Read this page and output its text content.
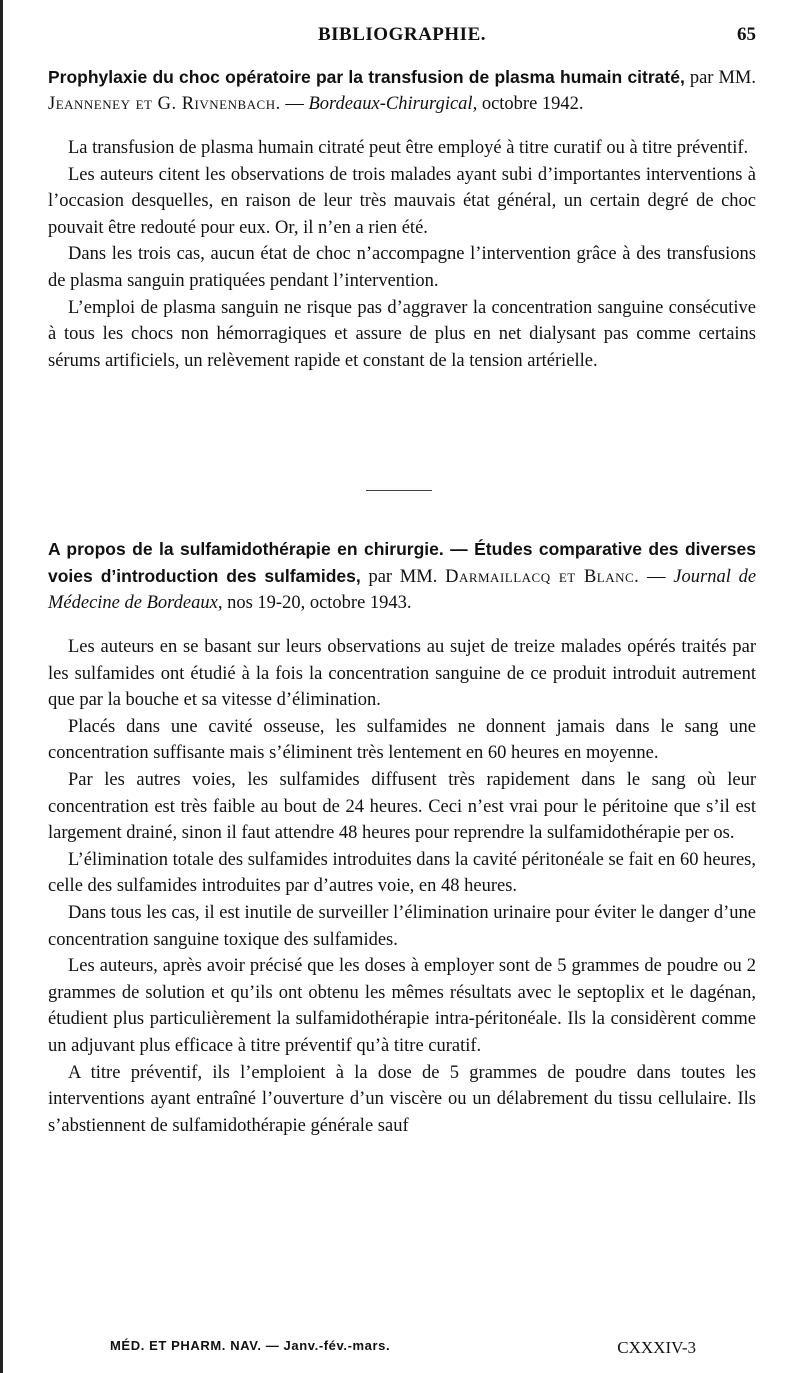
BIBLIOGRAPHIE.	65

Prophylaxie du choc opératoire par la transfusion de plasma humain citraté, par MM. Jeanneney et G. Rivnenbach. — Bordeaux-Chirurgical, octobre 1942.

La transfusion de plasma humain citraté peut être employé à titre curatif ou à titre préventif.

Les auteurs citent les observations de trois malades ayant subi d’importantes interventions à l’occasion desquelles, en raison de leur très mauvais état général, un certain degré de choc pouvait être redouté pour eux. Or, il n’en a rien été.

Dans les trois cas, aucun état de choc n’accompagne l’intervention grâce à des transfusions de plasma sanguin pratiquées pendant l’intervention.

L’emploi de plasma sanguin ne risque pas d’aggraver la concentration sanguine consécutive à tous les chocs non hémorragiques et assure de plus en net dialysant pas comme certains sérums artificiels, un relèvement rapide et constant de la tension artérielle.

A propos de la sulfamidothérapie en chirurgie. — Études comparative des diverses voies d’introduction des sulfamides, par MM. Darmaillacq et Blanc. — Journal de Médecine de Bordeaux, nos 19-20, octobre 1943.

Les auteurs en se basant sur leurs observations au sujet de treize malades opérés traités par les sulfamides ont étudié à la fois la concentration sanguine de ce produit introduit autrement que par la bouche et sa vitesse d’élimination.

Placés dans une cavité osseuse, les sulfamides ne donnent jamais dans le sang une concentration suffisante mais s’éliminent très lentement en 60 heures en moyenne.

Par les autres voies, les sulfamides diffusent très rapidement dans le sang où leur concentration est très faible au bout de 24 heures. Ceci n’est vrai pour le péritoine que s’il est largement drainé, sinon il faut attendre 48 heures pour reprendre la sulfamidothérapie per os.

L’élimination totale des sulfamides introduites dans la cavité péritonéale se fait en 60 heures, celle des sulfamides introduites par d’autres voie, en 48 heures.

Dans tous les cas, il est inutile de surveiller l’élimination urinaire pour éviter le danger d’une concentration sanguine toxique des sulfamides.

Les auteurs, après avoir précisé que les doses à employer sont de 5 grammes de poudre ou 2 grammes de solution et qu’ils ont obtenu les mêmes résultats avec le septoplix et le dagénan, étudient plus particulièrement la sulfamidothérapie intra-péritonéale. Ils la considèrent comme un adjuvant plus efficace à titre préventif qu’à titre curatif.

A titre préventif, ils l’emploient à la dose de 5 grammes de poudre dans toutes les interventions ayant entraîné l’ouverture d’un viscère ou un délabrement du tissu cellulaire. Ils s’abstiennent de sulfamidothérapie générale sauf

MÉD. ET PHARM. NAV. — Janv.-fév.-mars.	CXXXIV-3
